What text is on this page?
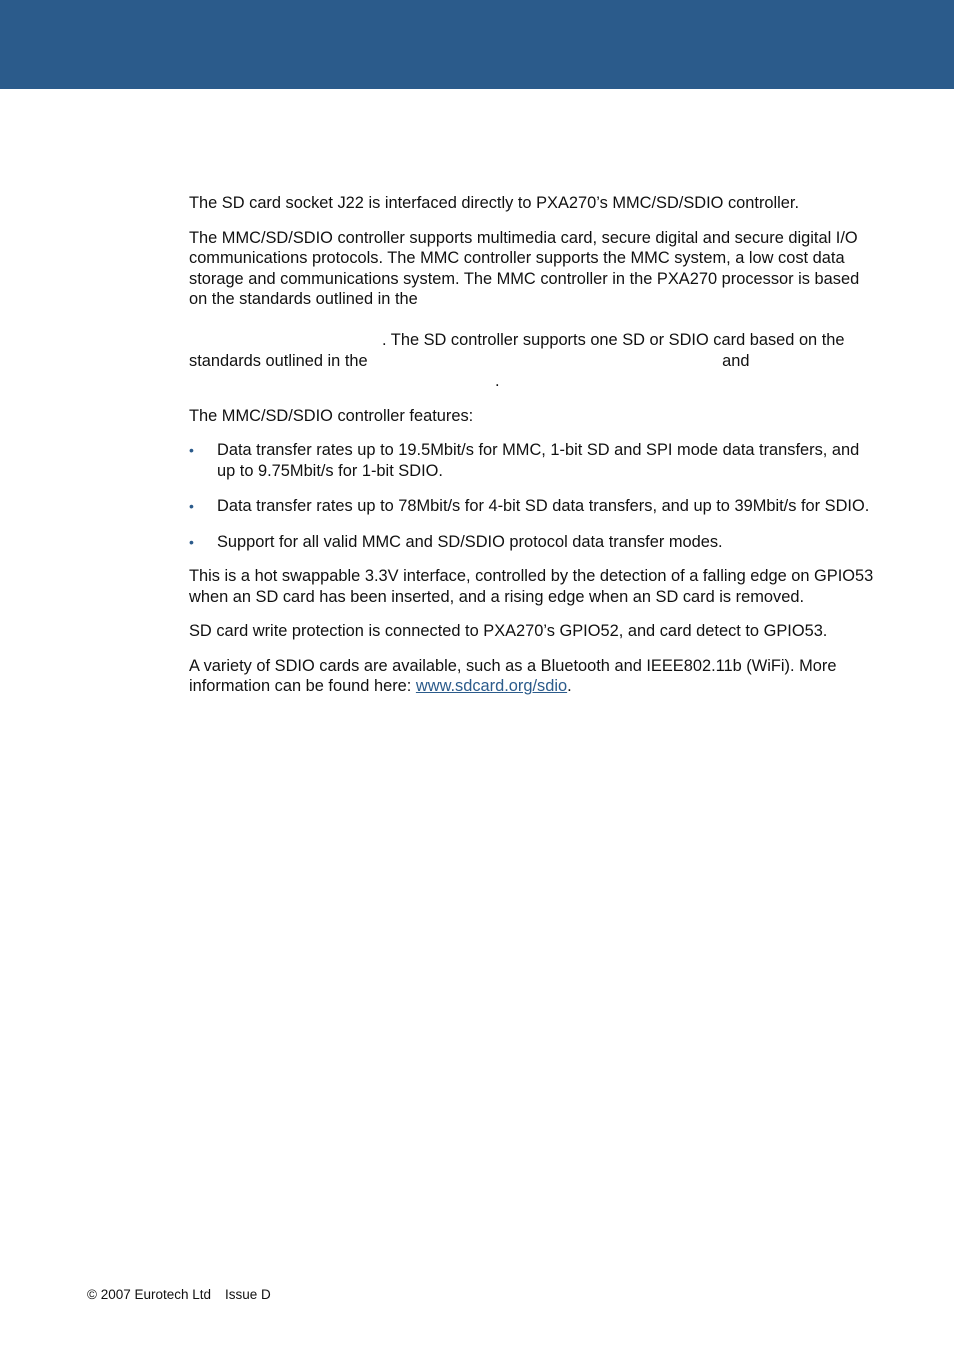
The SD card socket J22 is interfaced directly to PXA270’s MMC/SD/SDIO controller.

The MMC/SD/SDIO controller supports multimedia card, secure digital and secure digital I/O communications protocols. The MMC controller supports the MMC system, a low cost data storage and communications system. The MMC controller in the PXA270 processor is based on the standards outlined in the
. The SD controller supports one SD or SDIO card based on the standards outlined in the	and
.

The MMC/SD/SDIO controller features:

• Data transfer rates up to 19.5Mbit/s for MMC, 1-bit SD and SPI mode data transfers, and up to 9.75Mbit/s for 1-bit SDIO.
• Data transfer rates up to 78Mbit/s for 4-bit SD data transfers, and up to 39Mbit/s for SDIO.
• Support for all valid MMC and SD/SDIO protocol data transfer modes.

This is a hot swappable 3.3V interface, controlled by the detection of a falling edge on GPIO53 when an SD card has been inserted, and a rising edge when an SD card is removed.

SD card write protection is connected to PXA270’s GPIO52, and card detect to GPIO53.

A variety of SDIO cards are available, such as a Bluetooth and IEEE802.11b (WiFi). More information can be found here: www.sdcard.org/sdio.

© 2007 Eurotech Ltd Issue D
